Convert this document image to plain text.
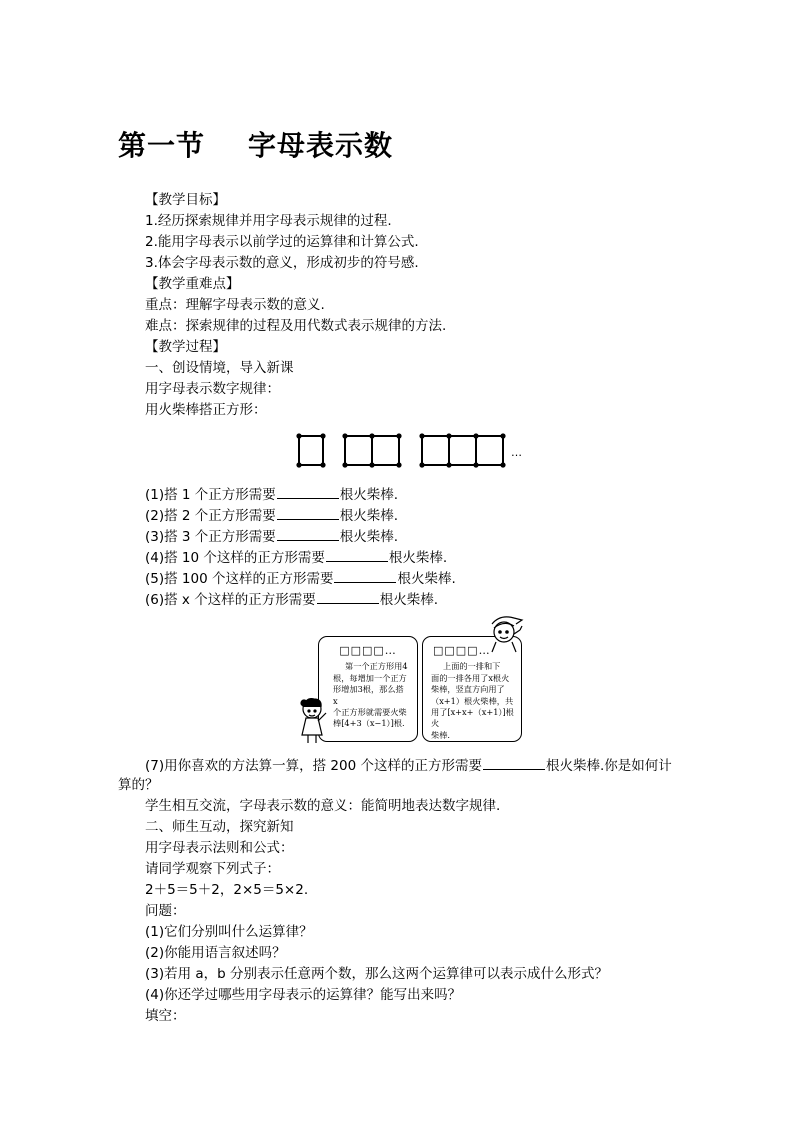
第一节    字母表示数
【教学目标】
1.经历探索规律并用字母表示规律的过程.
2.能用字母表示以前学过的运算律和计算公式.
3.体会字母表示数的意义，形成初步的符号感.
【教学重难点】
重点：理解字母表示数的意义.
难点：探索规律的过程及用代数式表示规律的方法.
【教学过程】
一、创设情境，导入新课
用字母表示数字规律：
用火柴棒搭正方形：
…
(1)搭 1 个正方形需要	根火柴棒.
(2)搭 2 个正方形需要	根火柴棒.
(3)搭 3 个正方形需要	根火柴棒.
(4)搭 10 个这样的正方形需要	根火柴棒.
(5)搭 100 个这样的正方形需要	根火柴棒.
(6)搭 x 个这样的正方形需要	根火柴棒.
□□□□…
第一个正方形用4
根，每增加一个正方
形增加3根，那么搭x
个正方形就需要火柴
棒[4+3（x−1）]根.
□□□□…
上面的一排和下
面的一排各用了x根火
柴棒，竖直方向用了
（x+1）根火柴棒，共
用了[x+x+（x+1）]根火
柴棒.
(7)用你喜欢的方法算一算，搭 200 个这样的正方形需要	根火柴棒.你是如何计
算的？
学生相互交流，字母表示数的意义：能简明地表达数字规律.
二、师生互动，探究新知
用字母表示法则和公式：
请同学观察下列式子：
2＋5＝5＋2，2×5＝5×2.
问题：
(1)它们分别叫什么运算律？
(2)你能用语言叙述吗？
(3)若用 a，b 分别表示任意两个数，那么这两个运算律可以表示成什么形式？
(4)你还学过哪些用字母表示的运算律？能写出来吗？
填空：
